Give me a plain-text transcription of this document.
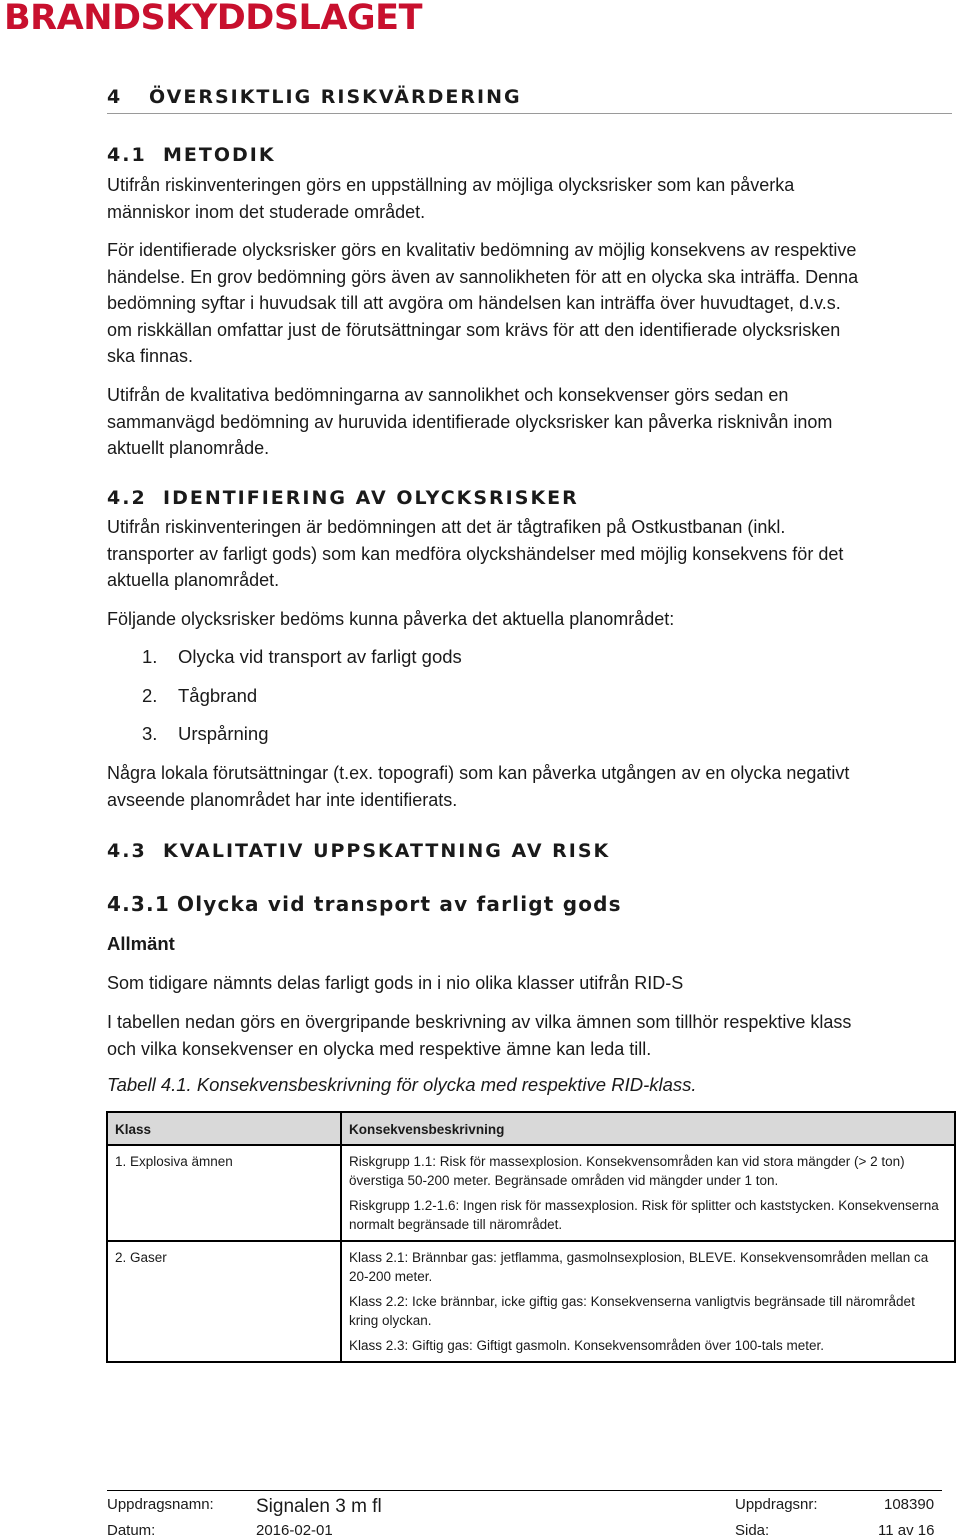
BRANDSKYDDSLAGET
4 ÖVERSIKTLIG RISKVÄRDERING
4.1 METODIK
Utifrån riskinventeringen görs en uppställning av möjliga olycksrisker som kan påverka
människor inom det studerade området.
För identifierade olycksrisker görs en kvalitativ bedömning av möjlig konsekvens av respektive
händelse. En grov bedömning görs även av sannolikheten för att en olycka ska inträffa. Denna
bedömning syftar i huvudsak till att avgöra om händelsen kan inträffa över huvudtaget, d.v.s.
om riskkällan omfattar just de förutsättningar som krävs för att den identifierade olycksrisken
ska finnas.
Utifrån de kvalitativa bedömningarna av sannolikhet och konsekvenser görs sedan en
sammanvägd bedömning av huruvida identifierade olycksrisker kan påverka risknivån inom
aktuellt planområde.
4.2 IDENTIFIERING AV OLYCKSRISKER
Utifrån riskinventeringen är bedömningen att det är tågtrafiken på Ostkustbanan (inkl.
transporter av farligt gods) som kan medföra olyckshändelser med möjlig konsekvens för det
aktuella planområdet.
Följande olycksrisker bedöms kunna påverka det aktuella planområdet:
1. Olycka vid transport av farligt gods
2. Tågbrand
3. Urspårning
Några lokala förutsättningar (t.ex. topografi) som kan påverka utgången av en olycka negativt
avseende planområdet har inte identifierats.
4.3 KVALITATIV UPPSKATTNING AV RISK
4.3.1 Olycka vid transport av farligt gods
Allmänt
Som tidigare nämnts delas farligt gods in i nio olika klasser utifrån RID-S
I tabellen nedan görs en övergripande beskrivning av vilka ämnen som tillhör respektive klass
och vilka konsekvenser en olycka med respektive ämne kan leda till.
Tabell 4.1. Konsekvensbeskrivning för olycka med respektive RID-klass.
Klass	Konsekvensbeskrivning
1. Explosiva ämnen	Riskgrupp 1.1: Risk för massexplosion. Konsekvensområden kan vid stora mängder (> 2 ton) överstiga 50-200 meter. Begränsade områden vid mängder under 1 ton.

Riskgrupp 1.2-1.6: Ingen risk för massexplosion. Risk för splitter och kaststycken. Konsekvenserna normalt begränsade till närområdet.

2. Gaser	Klass 2.1: Brännbar gas: jetflamma, gasmolnsexplosion, BLEVE. Konsekvensområden mellan ca 20-200 meter.

Klass 2.2: Icke brännbar, icke giftig gas: Konsekvenserna vanligtvis begränsade till närområdet kring olyckan.

Klass 2.3: Giftig gas: Giftigt gasmoln. Konsekvensområden över 100-tals meter.

Uppdragsnamn: Signalen 3 m fl	Uppdragsnr:	108390
Datum:	2016-02-01	Sida:	11 av 16
